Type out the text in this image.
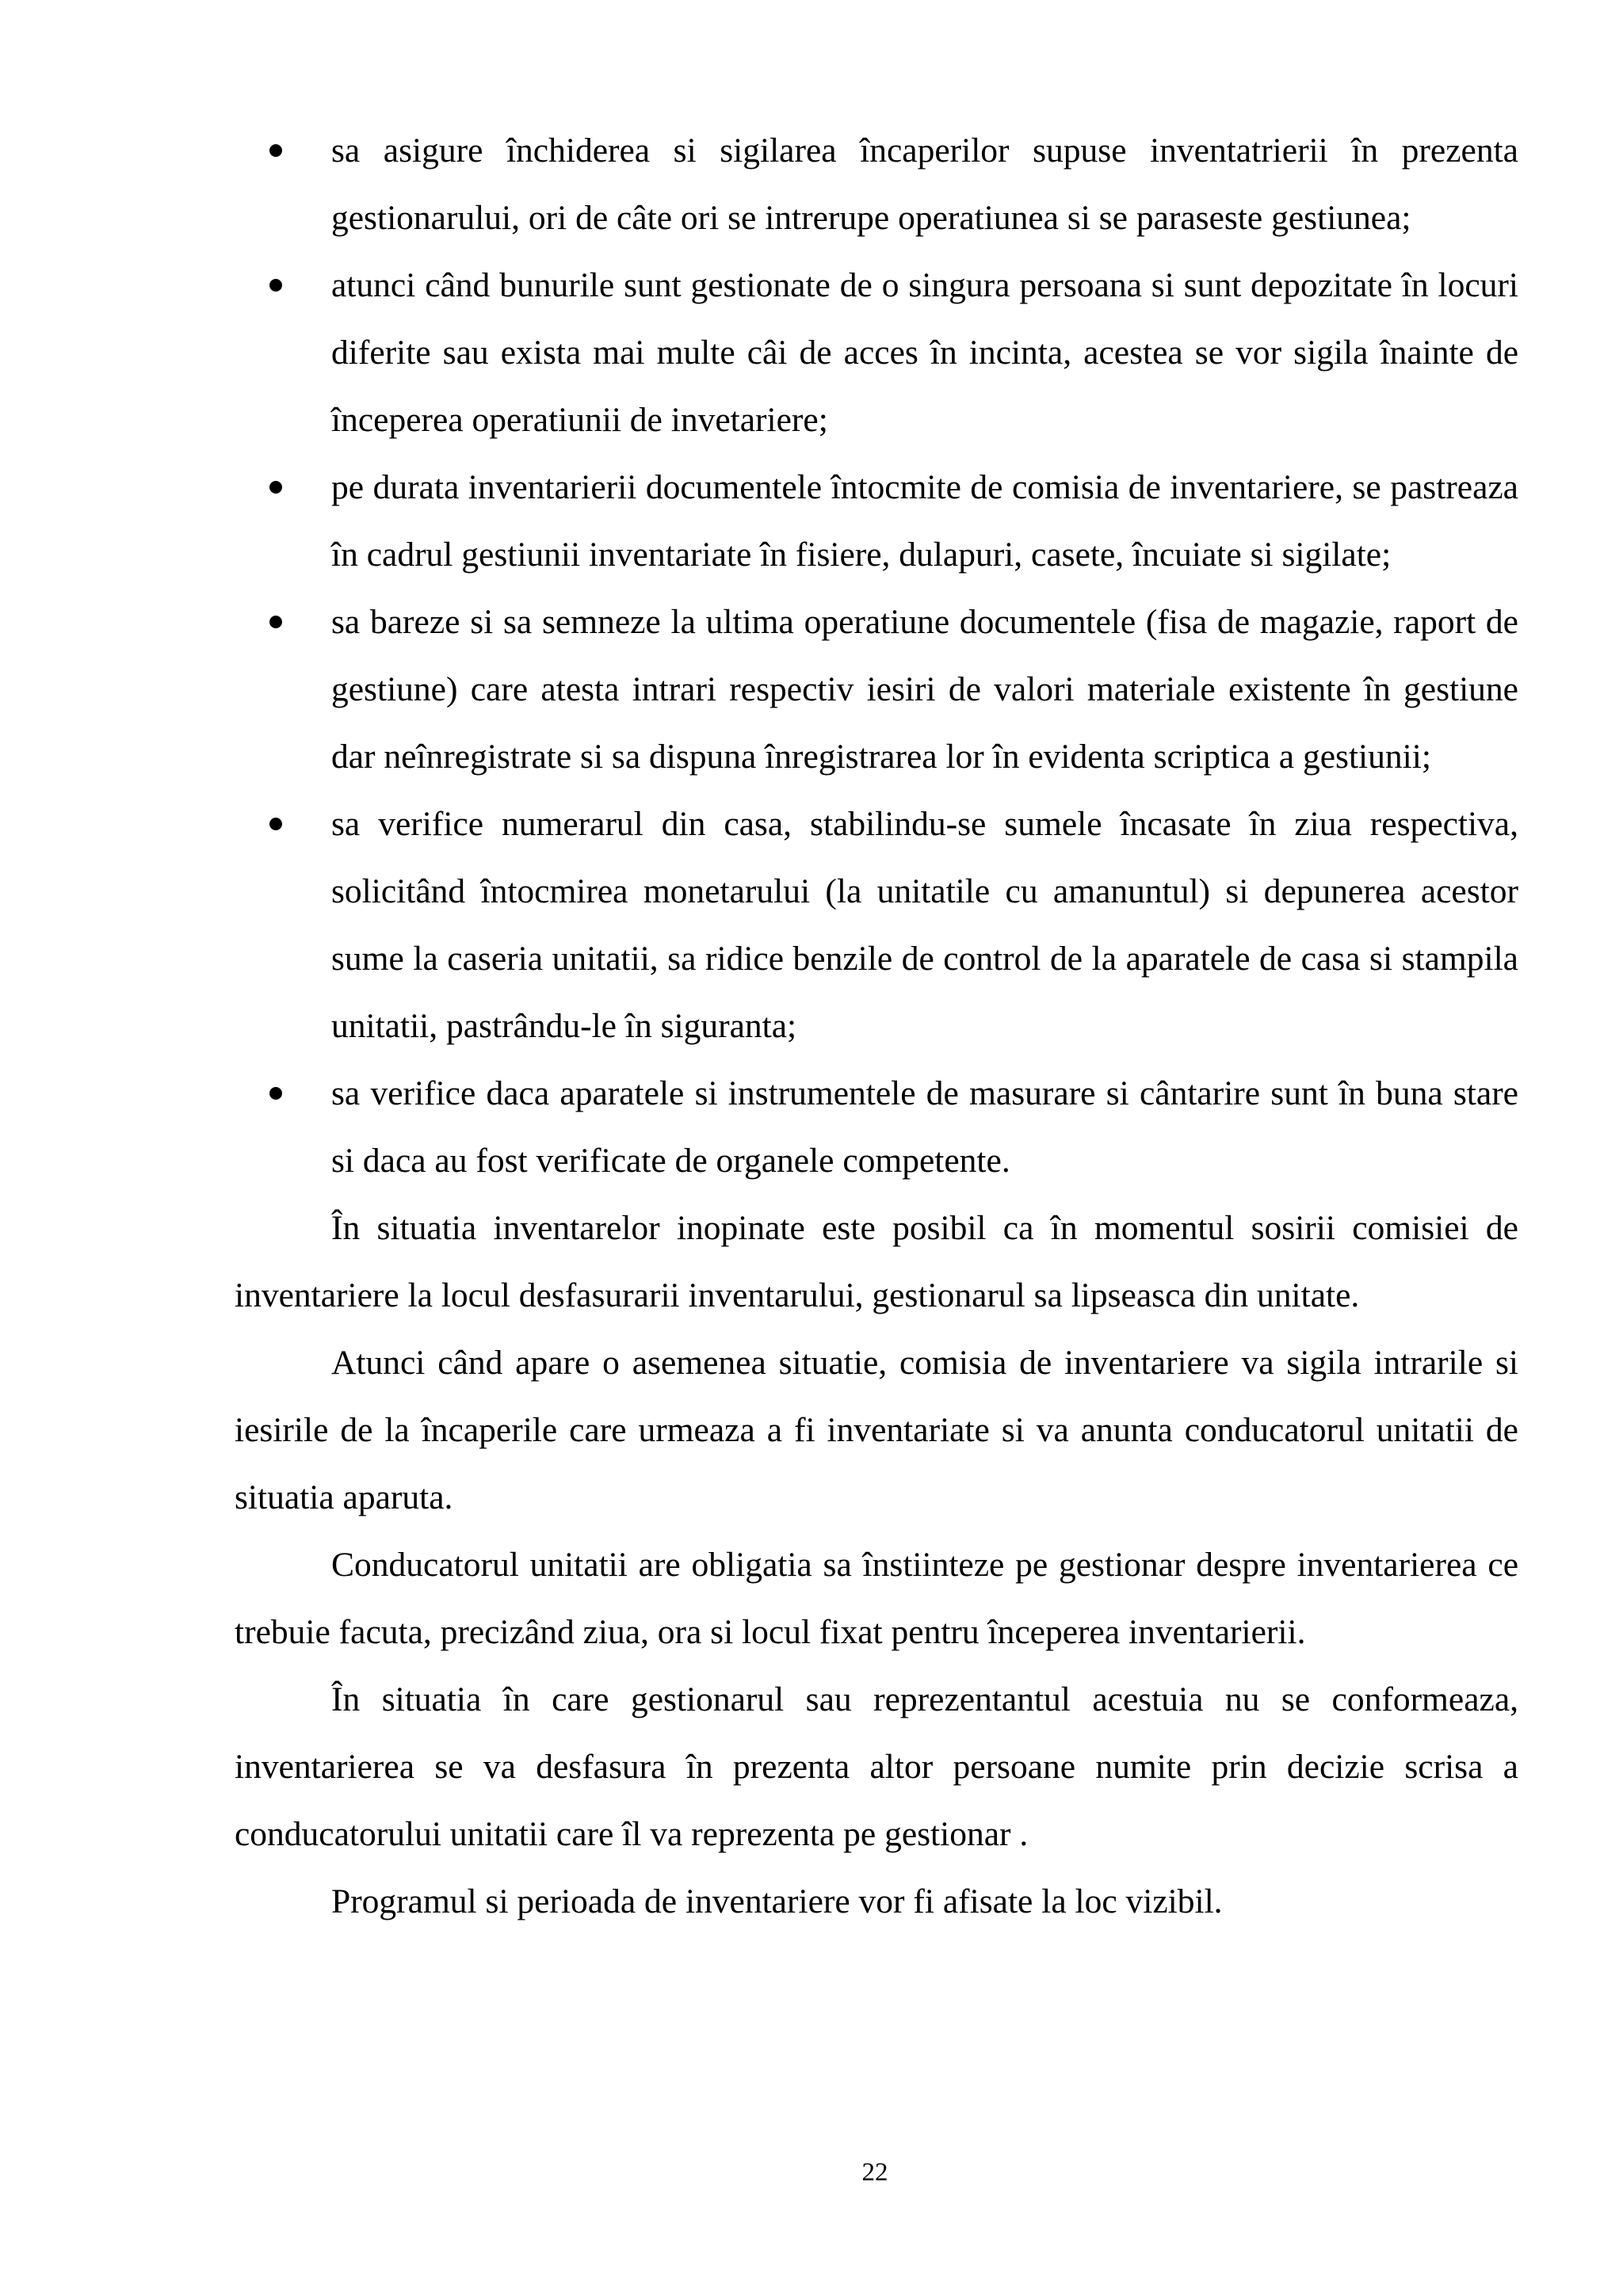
sa asigure închiderea si sigilarea încaperilor supuse inventatrierii în prezenta gestionarului, ori de câte ori se intrerupe operatiunea si se paraseste gestiunea;
atunci când bunurile sunt gestionate de o singura persoana si sunt depozitate în locuri diferite sau exista mai multe câi de acces în incinta, acestea se vor sigila înainte de începerea operatiunii de invetariere;
pe durata inventarierii documentele întocmite de comisia de inventariere, se pastreaza în cadrul gestiunii inventariate în fisiere, dulapuri, casete, încuiate si sigilate;
sa bareze si sa semneze la ultima operatiune documentele (fisa de magazie, raport de gestiune) care atesta intrari respectiv iesiri de valori materiale existente în gestiune dar neînregistrate si sa dispuna înregistrarea lor în evidenta scriptica a gestiunii;
sa verifice numerarul din casa, stabilindu-se sumele încasate în ziua respectiva, solicitând întocmirea monetarului (la unitatile cu amanuntul) si depunerea acestor sume la caseria unitatii, sa ridice benzile de control de la aparatele de casa si stampila unitatii, pastrându-le în siguranta;
sa verifice daca aparatele si instrumentele de masurare si cântarire sunt în buna stare si daca au fost verificate de organele competente.

În situatia inventarelor inopinate este posibil ca în momentul sosirii comisiei de inventariere la locul desfasurarii inventarului, gestionarul sa lipseasca din unitate.

Atunci când apare o asemenea situatie, comisia de inventariere va sigila intrarile si iesirile de la încaperile care urmeaza a fi inventariate si va anunta conducatorul unitatii de situatia aparuta.

Conducatorul unitatii are obligatia sa înstiinteze pe gestionar despre inventarierea ce trebuie facuta, precizând ziua, ora si locul fixat pentru începerea inventarierii.

În situatia în care gestionarul sau reprezentantul acestuia nu se conformeaza, inventarierea se va desfasura în prezenta altor persoane numite prin decizie scrisa a conducatorului unitatii care îl va reprezenta pe gestionar .

Programul si perioada de inventariere vor fi afisate la loc vizibil.

22
